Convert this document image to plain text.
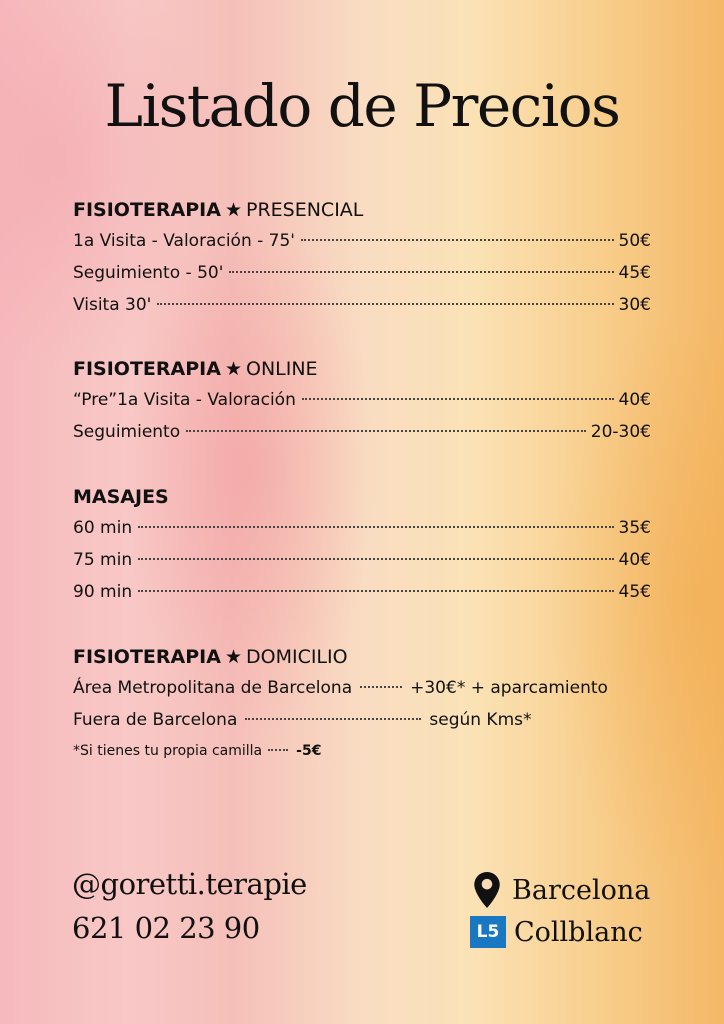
Listado de Precios
FISIOTERAPIA ★ PRESENCIAL
1a Visita - Valoración - 75'	50€
Seguimiento - 50'	45€
Visita 30'	30€
FISIOTERAPIA ★ ONLINE
“Pre”1a Visita - Valoración	40€
Seguimiento	20-30€
MASAJES
60 min	35€
75 min	40€
90 min	45€
FISIOTERAPIA ★ DOMICILIO
Área Metropolitana de Barcelona	+30€* + aparcamiento
Fuera de Barcelona	según Kms*
*Si tienes tu propia camilla -5€
@goretti.terapie
621 02 23 90
Barcelona
L5 Collblanc
